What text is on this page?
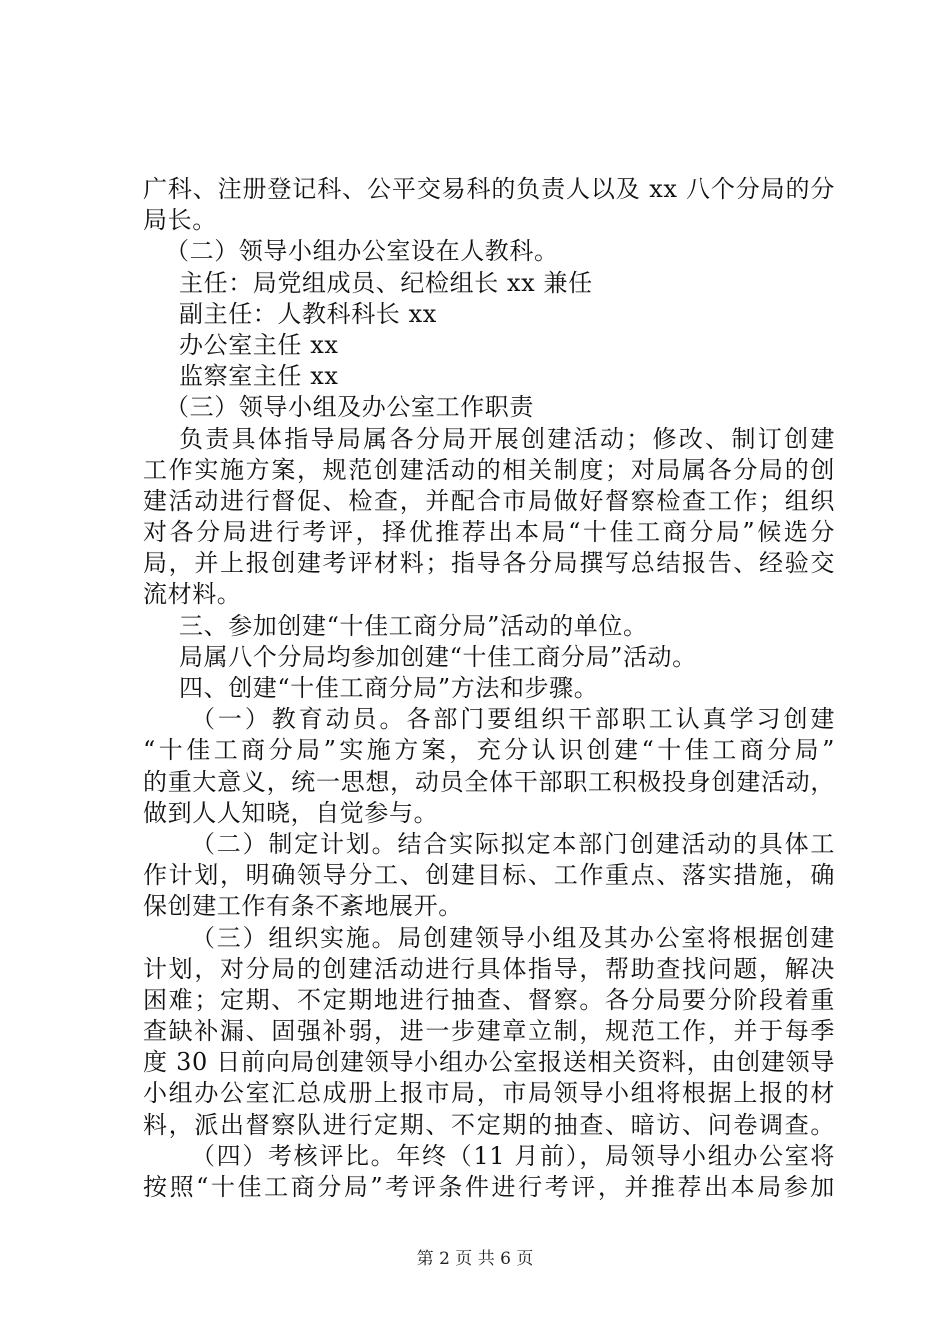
广科、注册登记科、公平交易科的负责人以及 xx 八个分局的分
局长。
（二）领导小组办公室设在人教科。
主任：局党组成员、纪检组长 xx 兼任
副主任：人教科科长 xx
办公室主任 xx
监察室主任 xx
（三）领导小组及办公室工作职责
负责具体指导局属各分局开展创建活动；修改、制订创建
工作实施方案，规范创建活动的相关制度；对局属各分局的创
建活动进行督促、检查，并配合市局做好督察检查工作；组织
对各分局进行考评，择优推荐出本局“十佳工商分局”候选分
局，并上报创建考评材料；指导各分局撰写总结报告、经验交
流材料。
三、参加创建“十佳工商分局”活动的单位。
局属八个分局均参加创建“十佳工商分局”活动。
四、创建“十佳工商分局”方法和步骤。
（一）教育动员。各部门要组织干部职工认真学习创建
“十佳工商分局”实施方案，充分认识创建“十佳工商分局”
的重大意义，统一思想，动员全体干部职工积极投身创建活动，
做到人人知晓，自觉参与。
（二）制定计划。结合实际拟定本部门创建活动的具体工
作计划，明确领导分工、创建目标、工作重点、落实措施，确
保创建工作有条不紊地展开。
（三）组织实施。局创建领导小组及其办公室将根据创建
计划，对分局的创建活动进行具体指导，帮助查找问题，解决
困难；定期、不定期地进行抽查、督察。各分局要分阶段着重
查缺补漏、固强补弱，进一步建章立制，规范工作，并于每季
度 30 日前向局创建领导小组办公室报送相关资料，由创建领导
小组办公室汇总成册上报市局，市局领导小组将根据上报的材
料，派出督察队进行定期、不定期的抽查、暗访、问卷调查。
（四）考核评比。年终（11 月前），局领导小组办公室将
按照“十佳工商分局”考评条件进行考评，并推荐出本局参加
第 2 页 共 6 页
